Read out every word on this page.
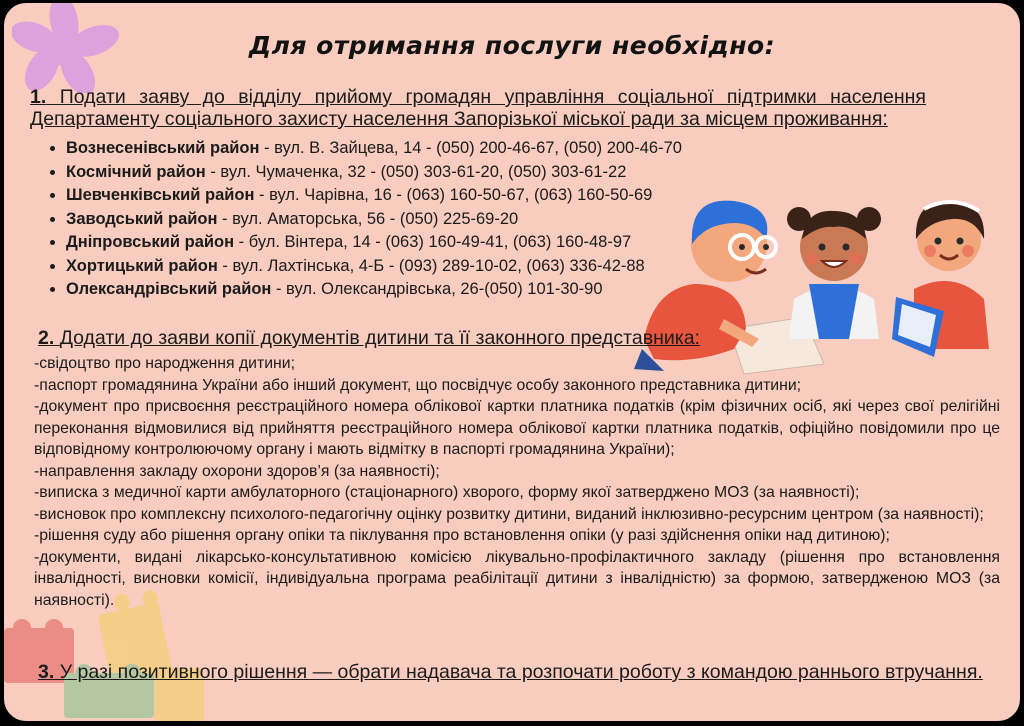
Для отримання послуги необхідно:
1. Подати заяву до відділу прийому громадян управління соціальної підтримки населення
Департаменту соціального захисту населення Запорізької міської ради за місцем проживання:
• Вознесенівський район - вул. В. Зайцева, 14 - (050) 200-46-67, (050) 200-46-70
• Космічний район - вул. Чумаченка, 32 - (050) 303-61-20, (050) 303-61-22
• Шевченківський район - вул. Чарівна, 16 - (063) 160-50-67, (063) 160-50-69
• Заводський район - вул. Аматорська, 56 - (050) 225-69-20
• Дніпровський район - бул. Вінтера, 14 - (063) 160-49-41, (063) 160-48-97
• Хортицький район - вул. Лахтінська, 4-Б - (093) 289-10-02, (063) 336-42-88
• Олександрівський район - вул. Олександрівська, 26-(050) 101-30-90
2. Додати до заяви копії документів дитини та її законного представника:
-свідоцтво про народження дитини;
-паспорт громадянина України або інший документ, що посвідчує особу законного представника дитини;
-документ про присвоєння реєстраційного номера облікової картки платника податків (крім фізичних осіб, які через свої релігійні переконання відмовилися від прийняття реєстраційного номера облікової картки платника податків, офіційно повідомили про це відповідному контролюючому органу і мають відмітку в паспорті громадянина України);
-направлення закладу охорони здоров’я (за наявності);
-виписка з медичної карти амбулаторного (стаціонарного) хворого, форму якої затверджено МОЗ (за наявності);
-висновок про комплексну психолого-педагогічну оцінку розвитку дитини, виданий інклюзивно-ресурсним центром (за наявності);
-рішення суду або рішення органу опіки та піклування про встановлення опіки (у разі здійснення опіки над дитиною);
-документи, видані лікарсько-консультативною комісією лікувально-профілактичного закладу (рішення про встановлення інвалідності, висновки комісії, індивідуальна програма реабілітації дитини з інвалідністю) за формою, затвердженою МОЗ (за наявності).
3. У разі позитивного рішення — обрати надавача та розпочати роботу з командою раннього втручання.
